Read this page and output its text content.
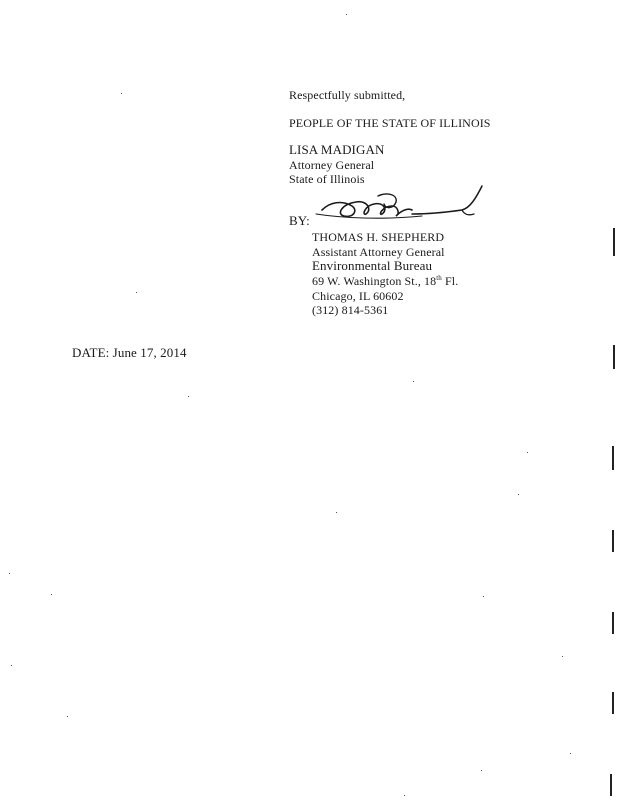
Respectfully submitted,
PEOPLE OF THE STATE OF ILLINOIS
LISA MADIGAN
Attorney General
State of Illinois
BY:
THOMAS H. SHEPHERD
Assistant Attorney General
Environmental Bureau
69 W. Washington St., 18th Fl.
Chicago, IL 60602
(312) 814-5361
DATE: June 17, 2014
